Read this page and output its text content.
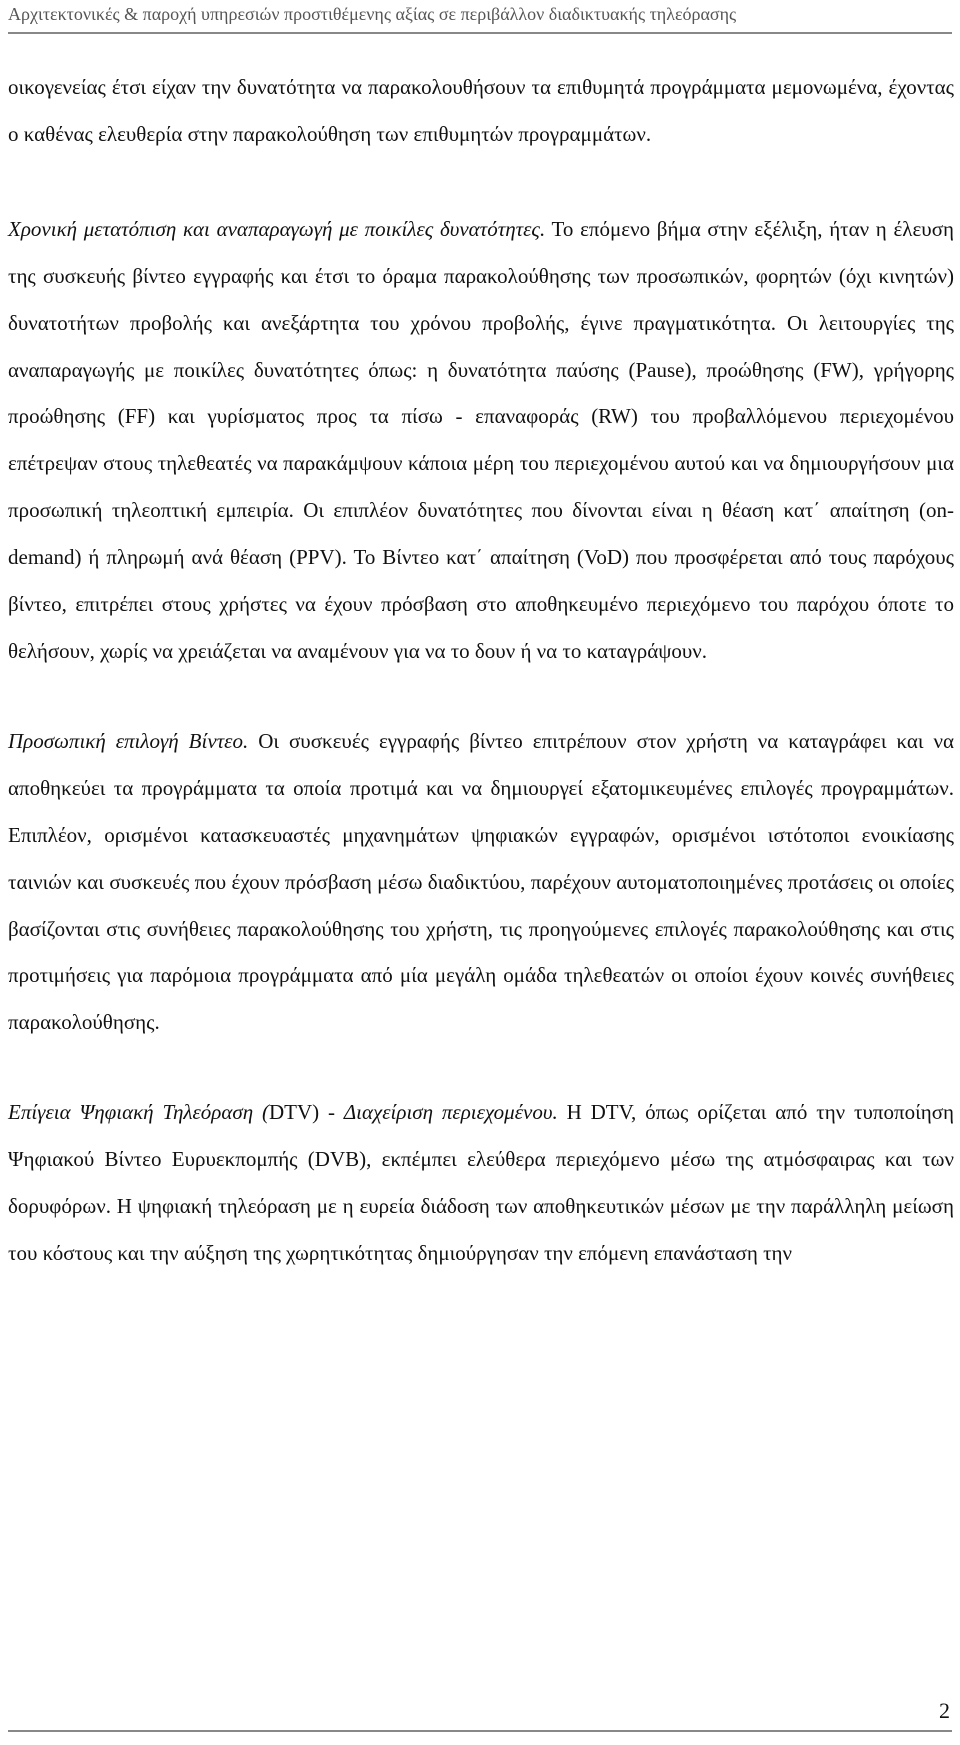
Αρχιτεκτονικές & παροχή υπηρεσιών προστιθέμενης αξίας σε περιβάλλον διαδικτυακής τηλεόρασης

οικογενείας έτσι είχαν την δυνατότητα να παρακολουθήσουν τα επιθυμητά προγράμματα μεμονωμένα, έχοντας ο καθένας ελευθερία στην παρακολούθηση των επιθυμητών προγραμμάτων.

Χρονική μετατόπιση και αναπαραγωγή με ποικίλες δυνατότητες. Το επόμενο βήμα στην εξέλιξη, ήταν η έλευση της συσκευής βίντεο εγγραφής και έτσι το όραμα παρακολούθησης των προσωπικών, φορητών (όχι κινητών) δυνατοτήτων προβολής και ανεξάρτητα του χρόνου προβολής, έγινε πραγματικότητα. Οι λειτουργίες της αναπαραγωγής με ποικίλες δυνατότητες όπως: η δυνατότητα παύσης (Pause), προώθησης (FW), γρήγορης προώθησης (FF) και γυρίσματος προς τα πίσω - επαναφοράς (RW) του προβαλλόμενου περιεχομένου επέτρεψαν στους τηλεθεατές να παρακάμψουν κάποια μέρη του περιεχομένου αυτού και να δημιουργήσουν μια προσωπική τηλεοπτική εμπειρία. Οι επιπλέον δυνατότητες που δίνονται είναι η θέαση κατ΄ απαίτηση (on-demand) ή πληρωμή ανά θέαση (PPV). Το Βίντεο κατ΄ απαίτηση (VoD) που προσφέρεται από τους παρόχους βίντεο, επιτρέπει στους χρήστες να έχουν πρόσβαση στο αποθηκευμένο περιεχόμενο του παρόχου όποτε το θελήσουν, χωρίς να χρειάζεται να αναμένουν για να το δουν ή να το καταγράψουν.

Προσωπική επιλογή Βίντεο. Οι συσκευές εγγραφής βίντεο επιτρέπουν στον χρήστη να καταγράφει και να αποθηκεύει τα προγράμματα τα οποία προτιμά και να δημιουργεί εξατομικευμένες επιλογές προγραμμάτων. Επιπλέον, ορισμένοι κατασκευαστές μηχανημάτων ψηφιακών εγγραφών, ορισμένοι ιστότοποι ενοικίασης ταινιών και συσκευές που έχουν πρόσβαση μέσω διαδικτύου, παρέχουν αυτοματοποιημένες προτάσεις οι οποίες βασίζονται στις συνήθειες παρακολούθησης του χρήστη, τις προηγούμενες επιλογές παρακολούθησης και στις προτιμήσεις για παρόμοια προγράμματα από μία μεγάλη ομάδα τηλεθεατών οι οποίοι έχουν κοινές συνήθειες παρακολούθησης.

Επίγεια Ψηφιακή Τηλεόραση (DTV) - Διαχείριση περιεχομένου. Η DTV, όπως ορίζεται από την τυποποίηση Ψηφιακού Βίντεο Ευρυεκπομπής (DVB), εκπέμπει ελεύθερα περιεχόμενο μέσω της ατμόσφαιρας και των δορυφόρων. Η ψηφιακή τηλεόραση με η ευρεία διάδοση των αποθηκευτικών μέσων με την παράλληλη μείωση του κόστους και την αύξηση της χωρητικότητας δημιούργησαν την επόμενη επανάσταση την

2
